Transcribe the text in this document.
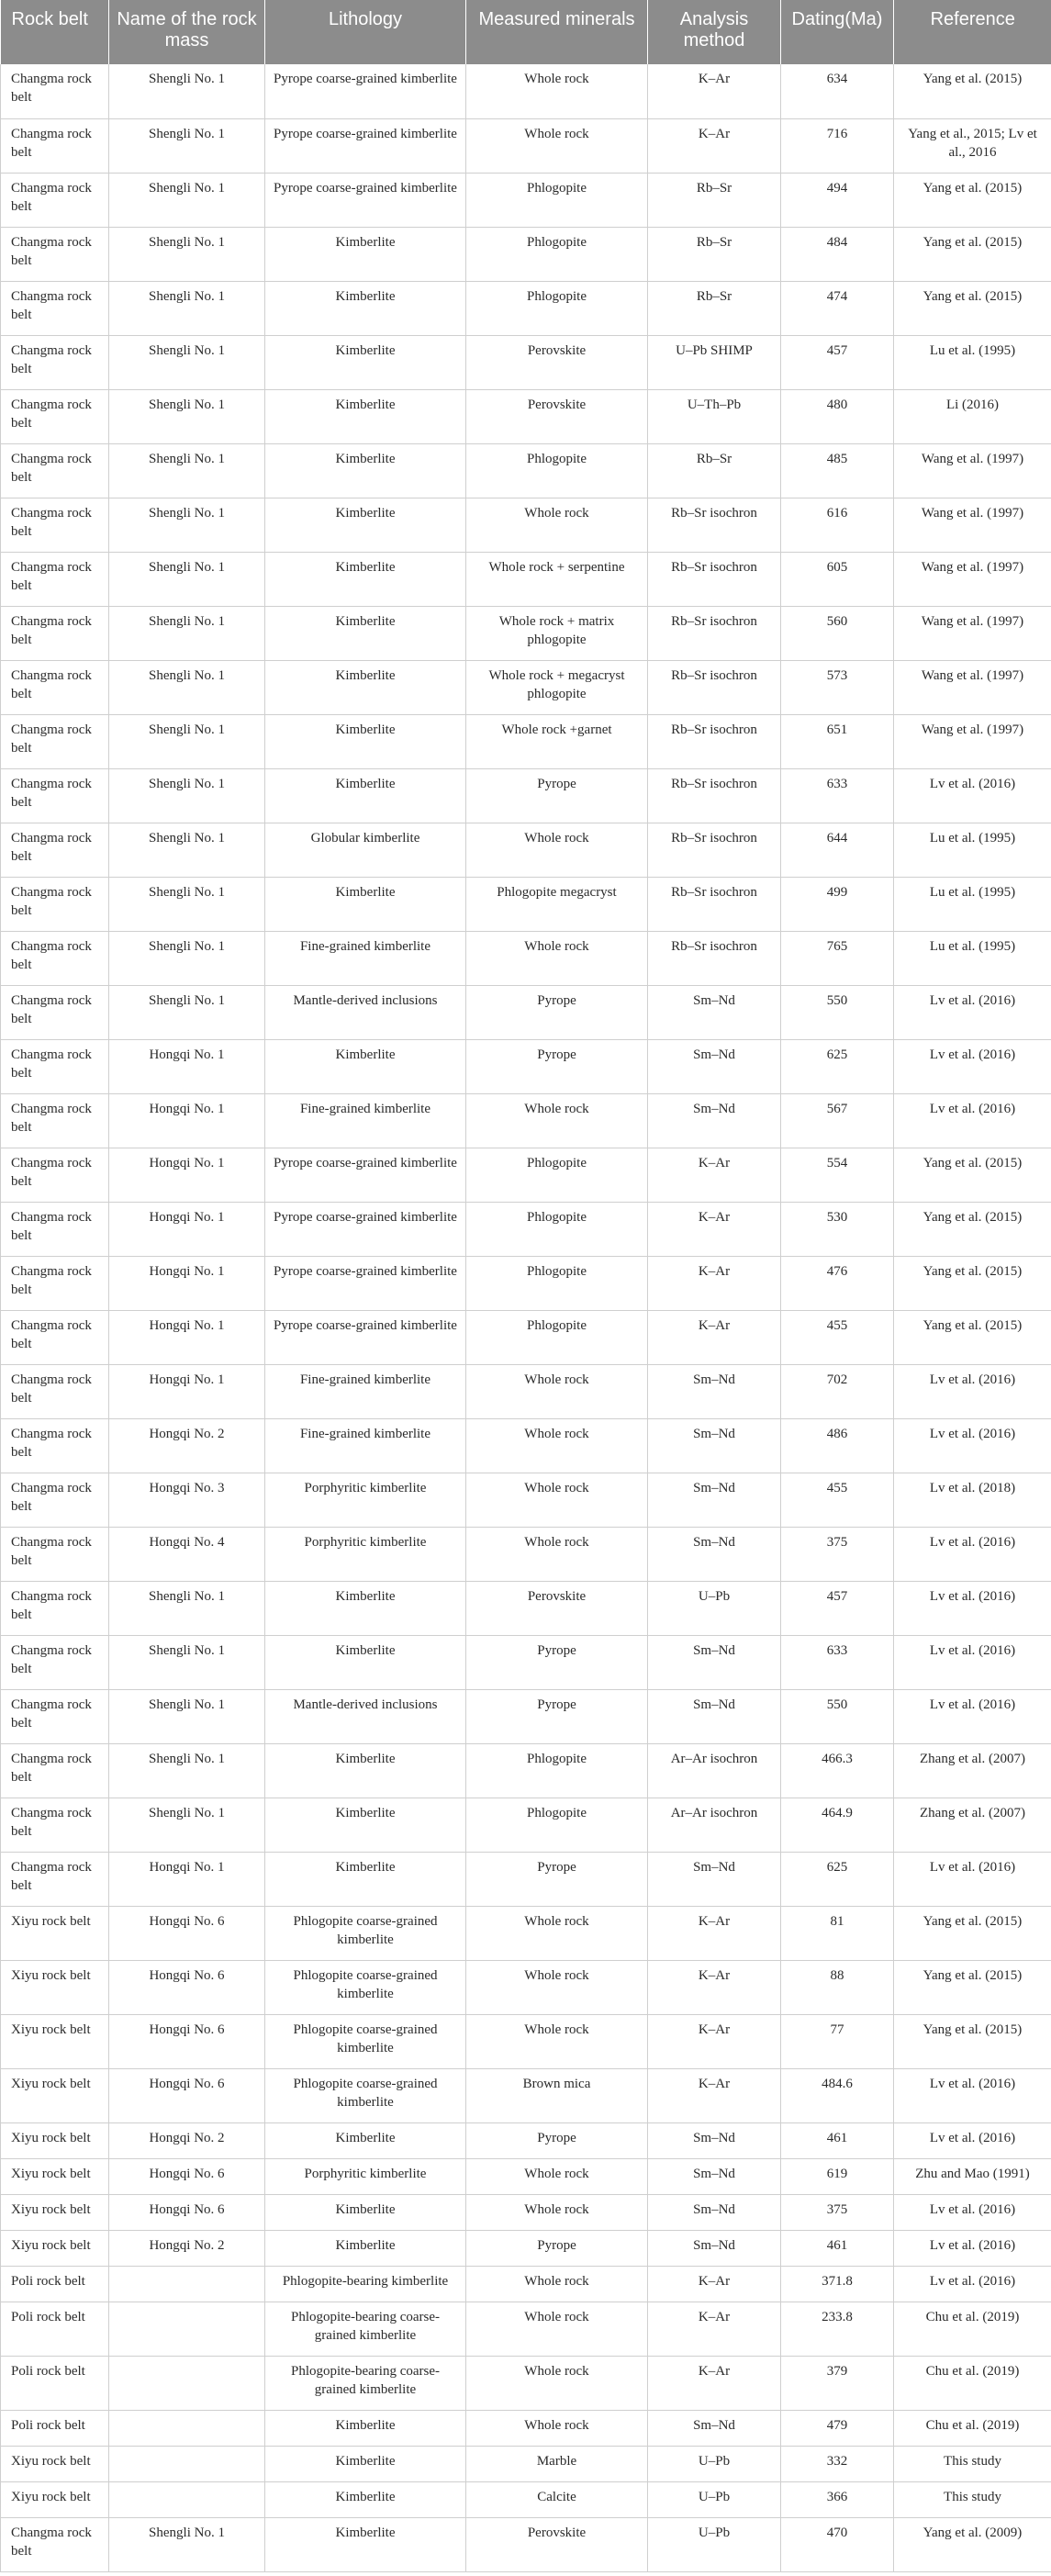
Rock belt	Name of the rock mass	Lithology	Measured minerals	Analysis method	Dating(Ma)	Reference
Changma rock belt	Shengli No. 1	Pyrope coarse-grained kimberlite	Whole rock	K–Ar	634	Yang et al. (2015)
Changma rock belt	Shengli No. 1	Pyrope coarse-grained kimberlite	Whole rock	K–Ar	716	Yang et al., 2015; Lv et al., 2016
Changma rock belt	Shengli No. 1	Pyrope coarse-grained kimberlite	Phlogopite	Rb–Sr	494	Yang et al. (2015)
Changma rock belt	Shengli No. 1	Kimberlite	Phlogopite	Rb–Sr	484	Yang et al. (2015)
Changma rock belt	Shengli No. 1	Kimberlite	Phlogopite	Rb–Sr	474	Yang et al. (2015)
Changma rock belt	Shengli No. 1	Kimberlite	Perovskite	U–Pb SHIMP	457	Lu et al. (1995)
Changma rock belt	Shengli No. 1	Kimberlite	Perovskite	U–Th–Pb	480	Li (2016)
Changma rock belt	Shengli No. 1	Kimberlite	Phlogopite	Rb–Sr	485	Wang et al. (1997)
Changma rock belt	Shengli No. 1	Kimberlite	Whole rock	Rb–Sr isochron	616	Wang et al. (1997)
Changma rock belt	Shengli No. 1	Kimberlite	Whole rock + serpentine	Rb–Sr isochron	605	Wang et al. (1997)
Changma rock belt	Shengli No. 1	Kimberlite	Whole rock + matrix phlogopite	Rb–Sr isochron	560	Wang et al. (1997)
Changma rock belt	Shengli No. 1	Kimberlite	Whole rock + megacryst phlogopite	Rb–Sr isochron	573	Wang et al. (1997)
Changma rock belt	Shengli No. 1	Kimberlite	Whole rock +garnet	Rb–Sr isochron	651	Wang et al. (1997)
Changma rock belt	Shengli No. 1	Kimberlite	Pyrope	Rb–Sr isochron	633	Lv et al. (2016)
Changma rock belt	Shengli No. 1	Globular kimberlite	Whole rock	Rb–Sr isochron	644	Lu et al. (1995)
Changma rock belt	Shengli No. 1	Kimberlite	Phlogopite megacryst	Rb–Sr isochron	499	Lu et al. (1995)
Changma rock belt	Shengli No. 1	Fine-grained kimberlite	Whole rock	Rb–Sr isochron	765	Lu et al. (1995)
Changma rock belt	Shengli No. 1	Mantle-derived inclusions	Pyrope	Sm–Nd	550	Lv et al. (2016)
Changma rock belt	Hongqi No. 1	Kimberlite	Pyrope	Sm–Nd	625	Lv et al. (2016)
Changma rock belt	Hongqi No. 1	Fine-grained kimberlite	Whole rock	Sm–Nd	567	Lv et al. (2016)
Changma rock belt	Hongqi No. 1	Pyrope coarse-grained kimberlite	Phlogopite	K–Ar	554	Yang et al. (2015)
Changma rock belt	Hongqi No. 1	Pyrope coarse-grained kimberlite	Phlogopite	K–Ar	530	Yang et al. (2015)
Changma rock belt	Hongqi No. 1	Pyrope coarse-grained kimberlite	Phlogopite	K–Ar	476	Yang et al. (2015)
Changma rock belt	Hongqi No. 1	Pyrope coarse-grained kimberlite	Phlogopite	K–Ar	455	Yang et al. (2015)
Changma rock belt	Hongqi No. 1	Fine-grained kimberlite	Whole rock	Sm–Nd	702	Lv et al. (2016)
Changma rock belt	Hongqi No. 2	Fine-grained kimberlite	Whole rock	Sm–Nd	486	Lv et al. (2016)
Changma rock belt	Hongqi No. 3	Porphyritic kimberlite	Whole rock	Sm–Nd	455	Lv et al. (2018)
Changma rock belt	Hongqi No. 4	Porphyritic kimberlite	Whole rock	Sm–Nd	375	Lv et al. (2016)
Changma rock belt	Shengli No. 1	Kimberlite	Perovskite	U–Pb	457	Lv et al. (2016)
Changma rock belt	Shengli No. 1	Kimberlite	Pyrope	Sm–Nd	633	Lv et al. (2016)
Changma rock belt	Shengli No. 1	Mantle-derived inclusions	Pyrope	Sm–Nd	550	Lv et al. (2016)
Changma rock belt	Shengli No. 1	Kimberlite	Phlogopite	Ar–Ar isochron	466.3	Zhang et al. (2007)
Changma rock belt	Shengli No. 1	Kimberlite	Phlogopite	Ar–Ar isochron	464.9	Zhang et al. (2007)
Changma rock belt	Hongqi No. 1	Kimberlite	Pyrope	Sm–Nd	625	Lv et al. (2016)
Xiyu rock belt	Hongqi No. 6	Phlogopite coarse-grained kimberlite	Whole rock	K–Ar	81	Yang et al. (2015)
Xiyu rock belt	Hongqi No. 6	Phlogopite coarse-grained kimberlite	Whole rock	K–Ar	88	Yang et al. (2015)
Xiyu rock belt	Hongqi No. 6	Phlogopite coarse-grained kimberlite	Whole rock	K–Ar	77	Yang et al. (2015)
Xiyu rock belt	Hongqi No. 6	Phlogopite coarse-grained kimberlite	Brown mica	K–Ar	484.6	Lv et al. (2016)
Xiyu rock belt	Hongqi No. 2	Kimberlite	Pyrope	Sm–Nd	461	Lv et al. (2016)
Xiyu rock belt	Hongqi No. 6	Porphyritic kimberlite	Whole rock	Sm–Nd	619	Zhu and Mao (1991)
Xiyu rock belt	Hongqi No. 6	Kimberlite	Whole rock	Sm–Nd	375	Lv et al. (2016)
Xiyu rock belt	Hongqi No. 2	Kimberlite	Pyrope	Sm–Nd	461	Lv et al. (2016)
Poli rock belt		Phlogopite-bearing kimberlite	Whole rock	K–Ar	371.8	Lv et al. (2016)
Poli rock belt		Phlogopite-bearing coarse-grained kimberlite	Whole rock	K–Ar	233.8	Chu et al. (2019)
Poli rock belt		Phlogopite-bearing coarse-grained kimberlite	Whole rock	K–Ar	379	Chu et al. (2019)
Poli rock belt		Kimberlite	Whole rock	Sm–Nd	479	Chu et al. (2019)
Xiyu rock belt		Kimberlite	Marble	U–Pb	332	This study
Xiyu rock belt		Kimberlite	Calcite	U–Pb	366	This study
Changma rock belt	Shengli No. 1	Kimberlite	Perovskite	U–Pb	470	Yang et al. (2009)
